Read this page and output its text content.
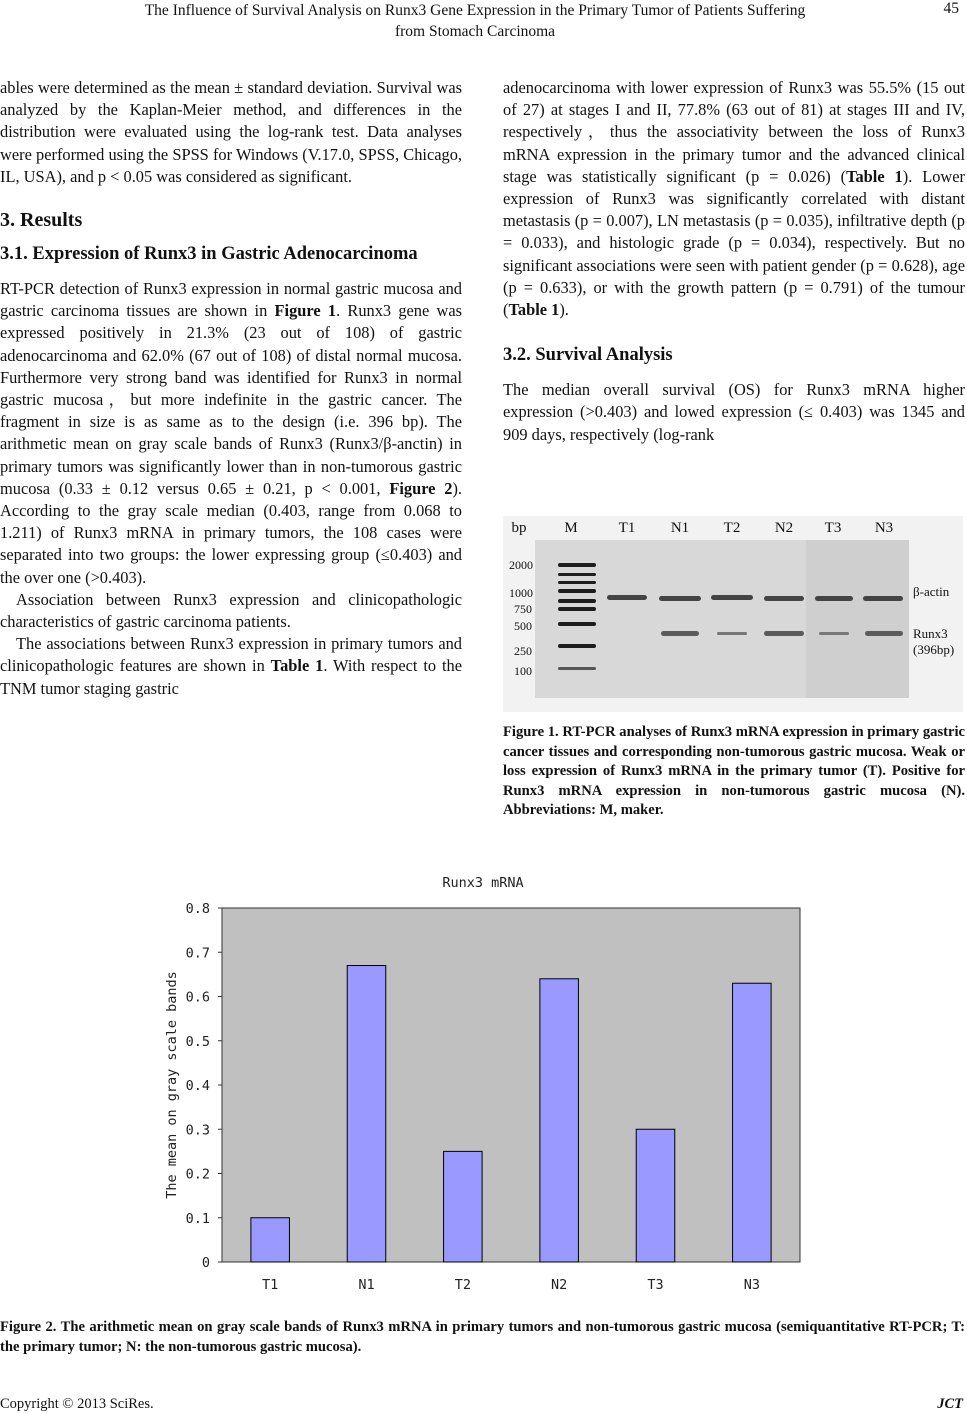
The Influence of Survival Analysis on Runx3 Gene Expression in the Primary Tumor of Patients Suffering
from Stomach Carcinoma
45

ables were determined as the mean ± standard deviation. Survival was analyzed by the Kaplan-Meier method, and differences in the distribution were evaluated using the log-rank test. Data analyses were performed using the SPSS for Windows (V.17.0, SPSS, Chicago, IL, USA), and p < 0.05 was considered as significant.

3. Results
3.1. Expression of Runx3 in Gastric Adenocarcinoma

RT-PCR detection of Runx3 expression in normal gastric mucosa and gastric carcinoma tissues are shown in Figure 1. Runx3 gene was expressed positively in 21.3% (23 out of 108) of gastric adenocarcinoma and 62.0% (67 out of 108) of distal normal mucosa. Furthermore very strong band was identified for Runx3 in normal gastric mucosa，but more indefinite in the gastric cancer. The fragment in size is as same as to the design (i.e. 396 bp). The arithmetic mean on gray scale bands of Runx3 (Runx3/β-anctin) in primary tumors was significantly lower than in non-tumorous gastric mucosa (0.33 ± 0.12 versus 0.65 ± 0.21, p < 0.001, Figure 2). According to the gray scale median (0.403, range from 0.068 to 1.211) of Runx3 mRNA in primary tumors, the 108 cases were separated into two groups: the lower expressing group (≤0.403) and the over one (>0.403).

Association between Runx3 expression and clinicopathologic characteristics of gastric carcinoma patients.

The associations between Runx3 expression in primary tumors and clinicopathologic features are shown in Table 1. With respect to the TNM tumor staging gastric

adenocarcinoma with lower expression of Runx3 was 55.5% (15 out of 27) at stages I and II, 77.8% (63 out of 81) at stages III and IV, respectively，thus the associativity between the loss of Runx3 mRNA expression in the primary tumor and the advanced clinical stage was statistically significant (p = 0.026) (Table 1). Lower expression of Runx3 was significantly correlated with distant metastasis (p = 0.007), LN metastasis (p = 0.035), infiltrative depth (p = 0.033), and histologic grade (p = 0.034), respectively. But no significant associations were seen with patient gender (p = 0.628), age (p = 0.633), or with the growth pattern (p = 0.791) of the tumour (Table 1).

3.2. Survival Analysis

The median overall survival (OS) for Runx3 mRNA higher expression (>0.403) and lowed expression (≤ 0.403) was 1345 and 909 days, respectively (log-rank

bp	M	T1 N1 T2 N2 T3 N3
2000
1000
750
500
250
100
β-actin
Runx3
(396bp)
Figure 1. RT-PCR analyses of Runx3 mRNA expression in primary gastric cancer tissues and corresponding non-tumorous gastric mucosa. Weak or loss expression of Runx3 mRNA in the primary tumor (T). Positive for Runx3 mRNA expression in non-tumorous gastric mucosa (N). Abbreviations: M, maker.
Runx3 mRNA
0
0.1
0.2
0.3
0.4
0.5
0.6
0.7
0.8
T1	N1	T2	N2	T3	N3
The mean on gray scale bands
Figure 2. The arithmetic mean on gray scale bands of Runx3 mRNA in primary tumors and non-tumorous gastric mucosa (semiquantitative RT-PCR; T: the primary tumor; N: the non-tumorous gastric mucosa).
Copyright © 2013 SciRes.	JCT
